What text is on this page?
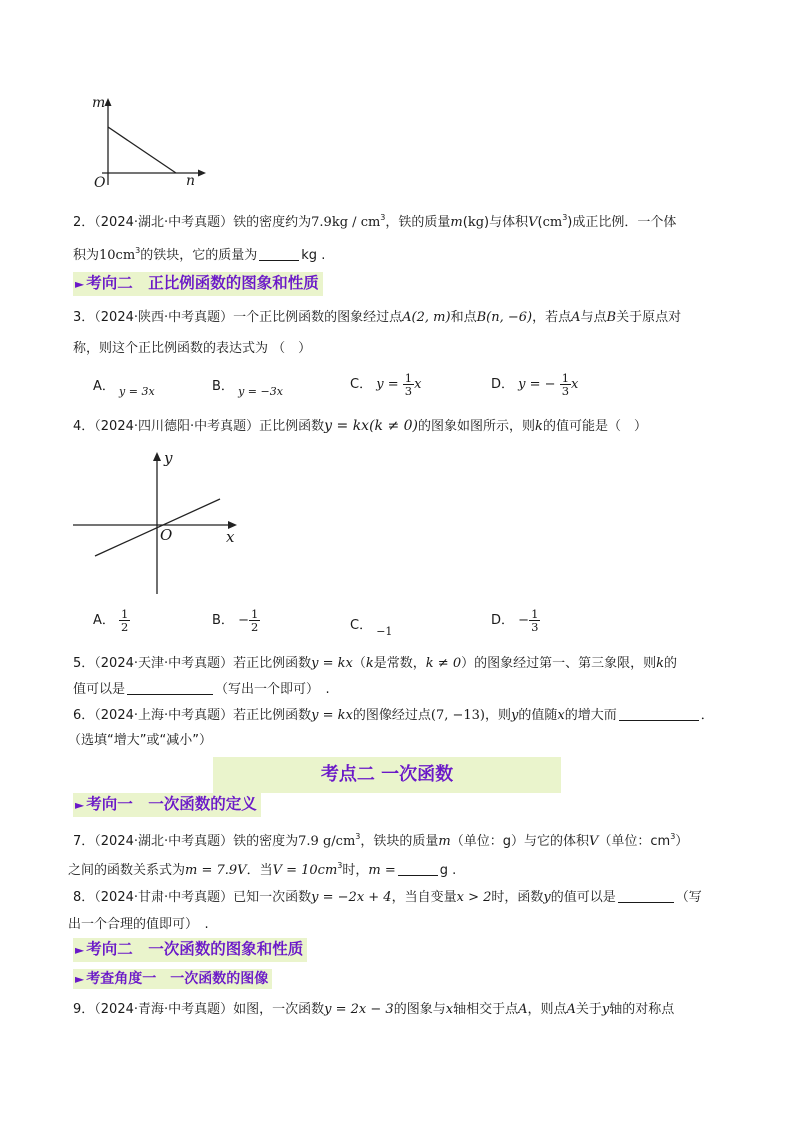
m
n
O
2．（2024·湖北·中考真题）铁的密度约为$7.9kg / cm^3$，铁的质量m(kg)与体积$V(cm^3)$成正比例．一个体
积为$10cm^3$的铁块，它的质量为	kg .
► 考向二　正比例函数的图象和性质
3．（2024·陕西·中考真题）一个正比例函数的图象经过点A(2, m)和点B(n, −6)，若点A与点B关于原点对
称，则这个正比例函数的表达式为 （　）
A． $_{y = 3x}$	B． $_{y = -3x}$	C． $y = \frac{1}{3}$ x	D． y = − $\frac{1}{3}$ x
4．（2024·四川德阳·中考真题）正比例函数y = kx(k ≠ 0)的图象如图所示，则k的值可能是（　）
y
x
O
A． $\frac{1}{2}$	B． − $\frac{1}{2}$	C． $_{-1}$
D． − $\frac{1}{3}$
5．（2024·天津·中考真题）若正比例函数y = kx（k是常数，k ≠ 0）的图象经过第一、第三象限，则k的
值可以是	（写出一个即可）　.
6．（2024·上海·中考真题）若正比例函数y = kx的图像经过点(7, −13)，则y的值随x的增大而	．
（选填“增大”或“减小”）
考点二 一次函数
► 考向一　一次函数的定义
7．（2024·湖北·中考真题）铁的密度为7.9 $g/cm^3$，铁块的质量m（单位：g）与它的体积V（单位：$cm^3$）
之间的函数关系式为m = 7.9V．当$V = 10cm^3$时，m =	g .
8．（2024·甘肃·中考真题）已知一次函数y = −2x + 4，当自变量x > 2时，函数y的值可以是	（写
出一个合理的值即可）　.
► 考向二　一次函数的图象和性质
► 考查角度一　一次函数的图像
9．（2024·青海·中考真题）如图，一次函数y = 2x − 3的图象与x轴相交于点A，则点A关于y轴的对称点
